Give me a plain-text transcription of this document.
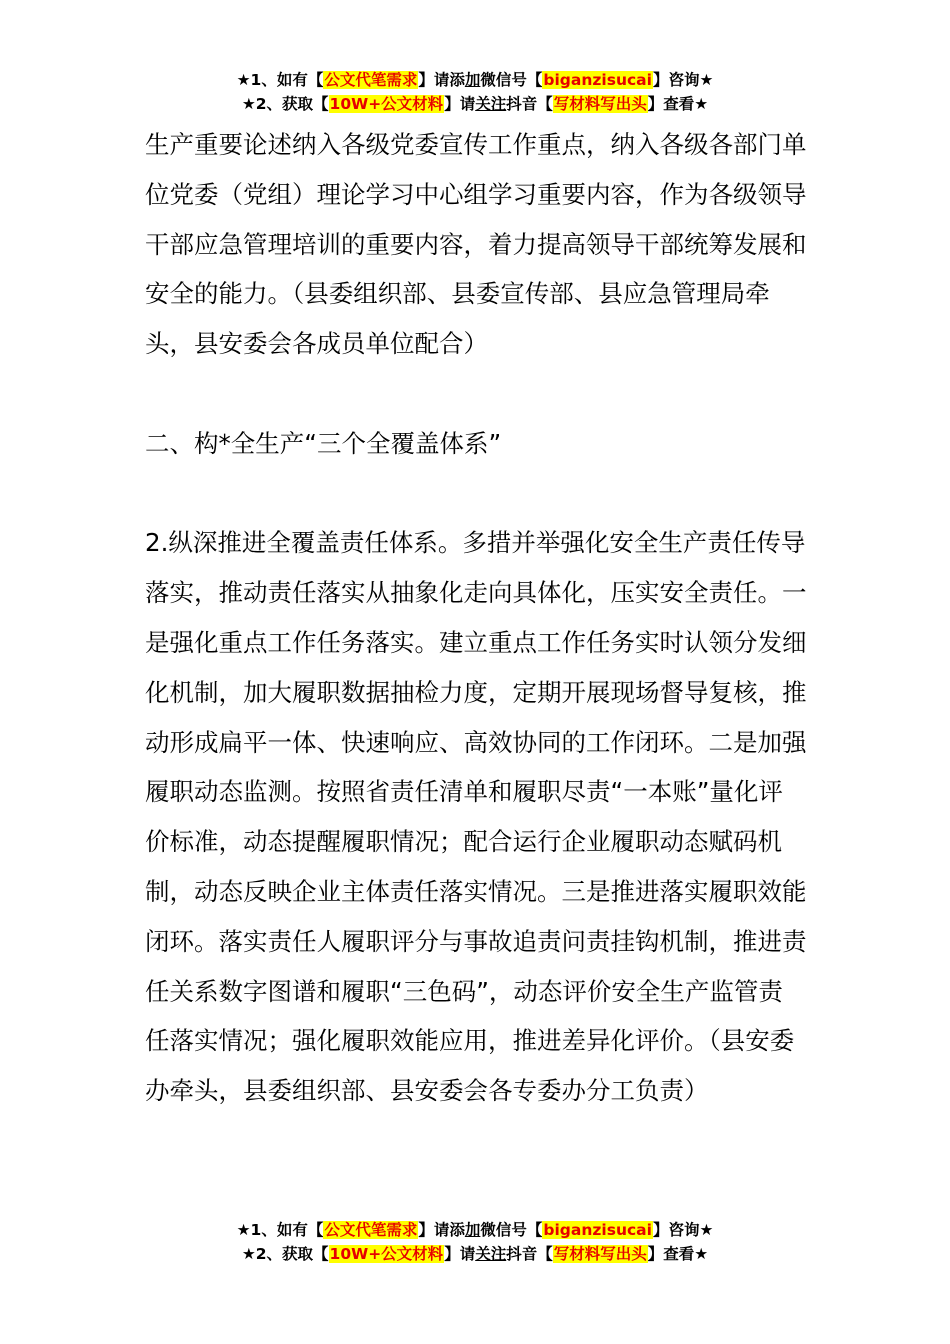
★1、如有【公文代笔需求】请添加微信号【biganzisucai】咨询★
★2、获取【10W+公文材料】请关注抖音【写材料写出头】查看★

生产重要论述纳入各级党委宣传工作重点，纳入各级各部门单位党委（党组）理论学习中心组学习重要内容，作为各级领导干部应急管理培训的重要内容，着力提高领导干部统筹发展和安全的能力。（县委组织部、县委宣传部、县应急管理局牵头，县安委会各成员单位配合）

二、构*全生产“三个全覆盖体系”

2.纵深推进全覆盖责任体系。多措并举强化安全生产责任传导落实，推动责任落实从抽象化走向具体化，压实安全责任。一是强化重点工作任务落实。建立重点工作任务实时认领分发细化机制，加大履职数据抽检力度，定期开展现场督导复核，推动形成扁平一体、快速响应、高效协同的工作闭环。二是加强履职动态监测。按照省责任清单和履职尽责“一本账”量化评价标准，动态提醒履职情况；配合运行企业履职动态赋码机制，动态反映企业主体责任落实情况。三是推进落实履职效能闭环。落实责任人履职评分与事故追责问责挂钩机制，推进责任关系数字图谱和履职“三色码”，动态评价安全生产监管责任落实情况；强化履职效能应用，推进差异化评价。（县安委办牵头，县委组织部、县安委会各专委办分工负责）

★1、如有【公文代笔需求】请添加微信号【biganzisucai】咨询★
★2、获取【10W+公文材料】请关注抖音【写材料写出头】查看★
